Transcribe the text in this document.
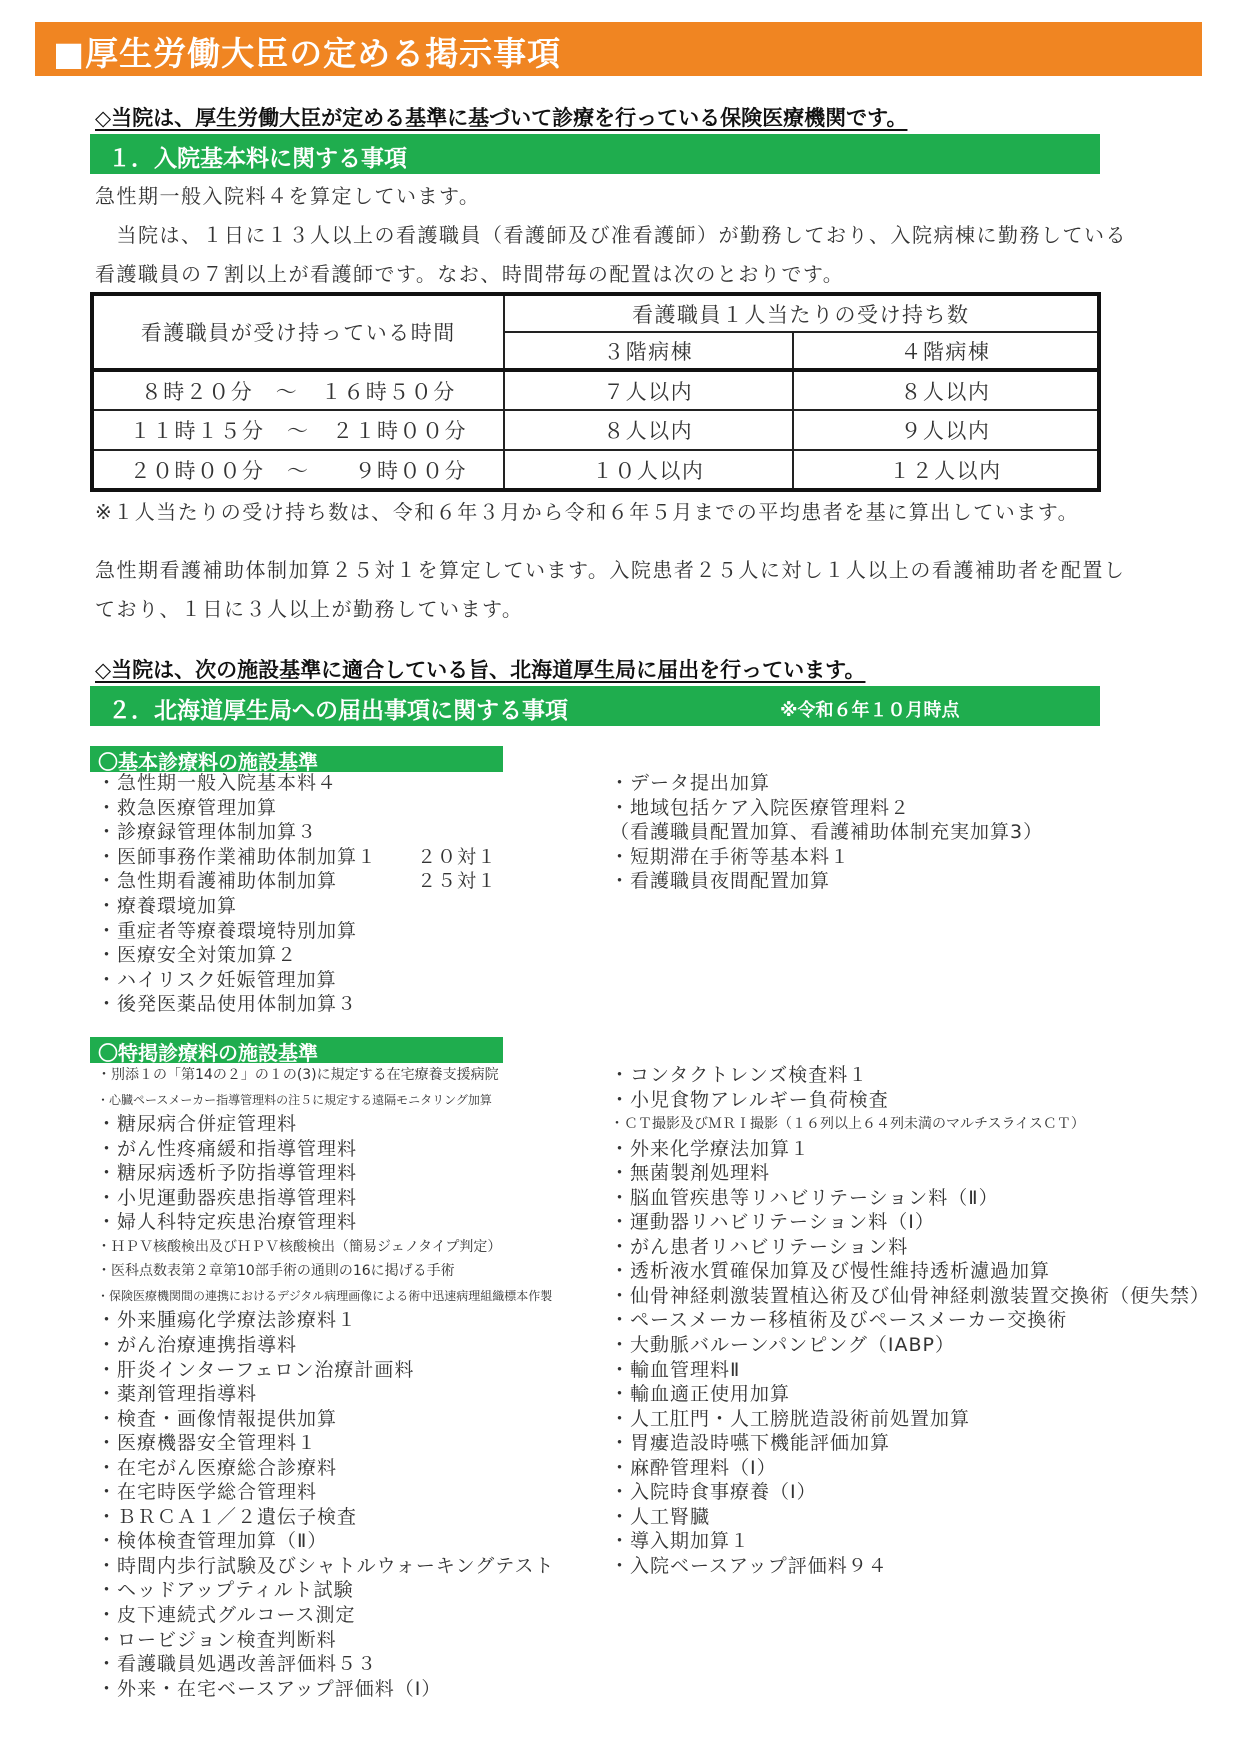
■厚生労働大臣の定める掲示事項
◇当院は、厚生労働大臣が定める基準に基づいて診療を行っている保険医療機関です。
１．入院基本料に関する事項
急性期一般入院料４を算定しています。
　当院は、１日に１３人以上の看護職員（看護師及び准看護師）が勤務しており、入院病棟に勤務している
看護職員の７割以上が看護師です。なお、時間帯毎の配置は次のとおりです。
看護職員が受け持っている時間	看護職員１人当たりの受け持ち数	
	３階病棟	４階病棟
８時２０分　～　１６時５０分	７人以内	８人以内
１１時１５分　～　２１時００分	８人以内	９人以内
２０時００分　～　　９時００分	１０人以内	１２人以内
※１人当たりの受け持ち数は、令和６年３月から令和６年５月までの平均患者を基に算出しています。
急性期看護補助体制加算２５対１を算定しています。入院患者２５人に対し１人以上の看護補助者を配置し
ており、１日に３人以上が勤務しています。
◇当院は、次の施設基準に適合している旨、北海道厚生局に届出を行っています。
２．北海道厚生局への届出事項に関する事項	※令和６年１０月時点
〇基本診療料の施設基準
・急性期一般入院基本料４
・救急医療管理加算
・診療録管理体制加算３
・医師事務作業補助体制加算１　　２０対１
・急性期看護補助体制加算　　　　２５対１
・療養環境加算
・重症者等療養環境特別加算
・医療安全対策加算２
・ハイリスク妊娠管理加算
・後発医薬品使用体制加算３
・データ提出加算
・地域包括ケア入院医療管理料２
（看護職員配置加算、看護補助体制充実加算3）
・短期滞在手術等基本料１
・看護職員夜間配置加算
〇特掲診療料の施設基準
・別添１の「第14の２」の１の(3)に規定する在宅療養支援病院
・心臓ペースメーカー指導管理料の注５に規定する遠隔モニタリング加算
・糖尿病合併症管理料
・がん性疼痛緩和指導管理料
・糖尿病透析予防指導管理料
・小児運動器疾患指導管理料
・婦人科特定疾患治療管理料
・ＨＰＶ核酸検出及びＨＰＶ核酸検出（簡易ジェノタイプ判定）
・医科点数表第２章第10部手術の通則の16に掲げる手術
・保険医療機関間の連携におけるデジタル病理画像による術中迅速病理組織標本作製
・外来腫瘍化学療法診療料１
・がん治療連携指導料
・肝炎インターフェロン治療計画料
・薬剤管理指導料
・検査・画像情報提供加算
・医療機器安全管理料１
・在宅がん医療総合診療料
・在宅時医学総合管理料
・ＢＲＣＡ１／２遺伝子検査
・検体検査管理加算（Ⅱ）
・時間内歩行試験及びシャトルウォーキングテスト
・ヘッドアップティルト試験
・皮下連続式グルコース測定
・ロービジョン検査判断料
・看護職員処遇改善評価料５３
・外来・在宅ベースアップ評価料（Ⅰ）
・コンタクトレンズ検査料１
・小児食物アレルギー負荷検査
・ＣＴ撮影及びＭＲＩ撮影（１６列以上６４列未満のマルチスライスＣＴ）
・外来化学療法加算１
・無菌製剤処理料
・脳血管疾患等リハビリテーション料（Ⅱ）
・運動器リハビリテーション料（Ⅰ）
・がん患者リハビリテーション料
・透析液水質確保加算及び慢性維持透析濾過加算
・仙骨神経刺激装置植込術及び仙骨神経刺激装置交換術（便失禁）
・ペースメーカー移植術及びペースメーカー交換術
・大動脈バルーンパンピング（IABP）
・輸血管理料Ⅱ
・輸血適正使用加算
・人工肛門・人工膀胱造設術前処置加算
・胃瘻造設時嚥下機能評価加算
・麻酔管理料（Ⅰ）
・入院時食事療養（Ⅰ）
・人工腎臓
・導入期加算１
・入院ベースアップ評価料９４
